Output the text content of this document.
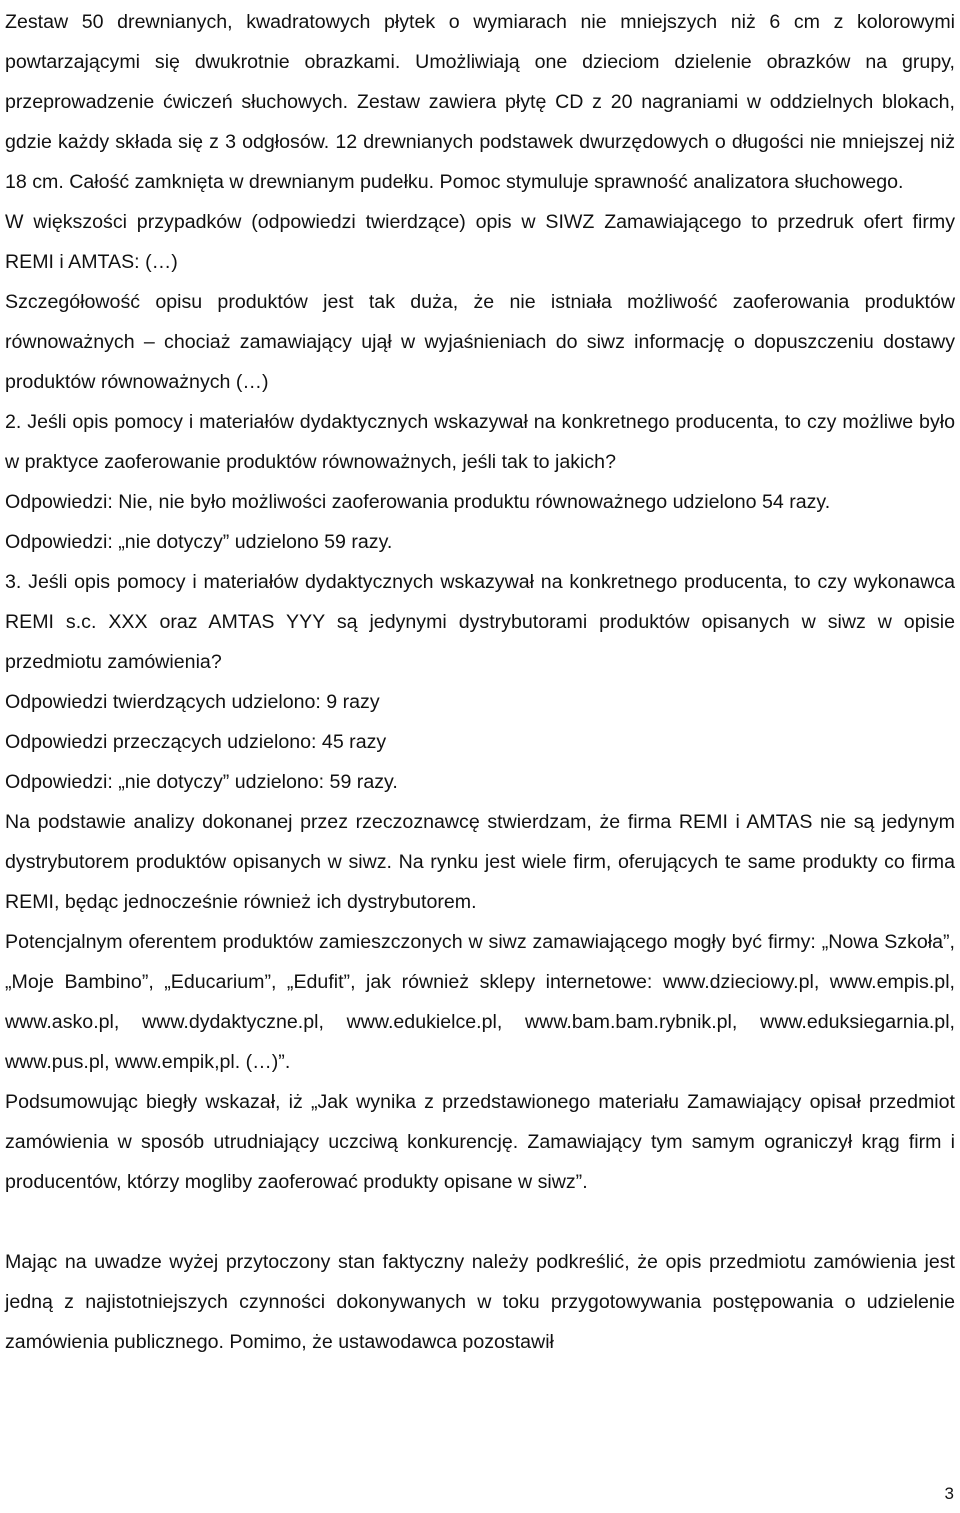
Zestaw 50 drewnianych, kwadratowych płytek o wymiarach nie mniejszych niż 6 cm z kolorowymi powtarzającymi się dwukrotnie obrazkami. Umożliwiają one dzieciom dzielenie obrazków na grupy, przeprowadzenie ćwiczeń słuchowych. Zestaw zawiera płytę CD z 20 nagraniami w oddzielnych blokach, gdzie każdy składa się z 3 odgłosów. 12 drewnianych podstawek dwurzędowych o długości nie mniejszej niż 18 cm. Całość zamknięta w drewnianym pudełku. Pomoc stymuluje sprawność analizatora słuchowego.

W większości przypadków (odpowiedzi twierdzące) opis w SIWZ Zamawiającego to przedruk ofert firmy REMI i AMTAS: (…)

Szczegółowość opisu produktów jest tak duża, że nie istniała możliwość zaoferowania produktów równoważnych – chociaż zamawiający ujął w wyjaśnieniach do siwz informację o dopuszczeniu dostawy produktów równoważnych (…)

2. Jeśli opis pomocy i materiałów dydaktycznych wskazywał na konkretnego producenta, to czy możliwe było w praktyce zaoferowanie produktów równoważnych, jeśli tak to jakich?

Odpowiedzi: Nie, nie było możliwości zaoferowania produktu równoważnego udzielono 54 razy.

Odpowiedzi: „nie dotyczy” udzielono 59 razy.

3. Jeśli opis pomocy i materiałów dydaktycznych wskazywał na konkretnego producenta, to czy wykonawca REMI s.c. XXX oraz AMTAS YYY są jedynymi dystrybutorami produktów opisanych w siwz w opisie przedmiotu zamówienia?

Odpowiedzi twierdzących udzielono: 9 razy

Odpowiedzi przeczących udzielono: 45 razy

Odpowiedzi: „nie dotyczy” udzielono: 59 razy.

Na podstawie analizy dokonanej przez rzeczoznawcę stwierdzam, że firma REMI i AMTAS nie są jedynym dystrybutorem produktów opisanych w siwz. Na rynku jest wiele firm, oferujących te same produkty co firma REMI, będąc jednocześnie również ich dystrybutorem.

Potencjalnym oferentem produktów zamieszczonych w siwz zamawiającego mogły być firmy: „Nowa Szkoła”, „Moje Bambino”, „Educarium”, „Edufit”, jak również sklepy internetowe: www.dzieciowy.pl, www.empis.pl, www.asko.pl, www.dydaktyczne.pl, www.edukielce.pl, www.bam.bam.rybnik.pl, www.eduksiegarnia.pl, www.pus.pl, www.empik,pl. (…)”.

Podsumowując biegły wskazał, iż „Jak wynika z przedstawionego materiału Zamawiający opisał przedmiot zamówienia w sposób utrudniający uczciwą konkurencję. Zamawiający tym samym ograniczył krąg firm i producentów, którzy mogliby zaoferować produkty opisane w siwz”.

Mając na uwadze wyżej przytoczony stan faktyczny należy podkreślić, że opis przedmiotu zamówienia jest jedną z najistotniejszych czynności dokonywanych w toku przygotowywania postępowania o udzielenie zamówienia publicznego. Pomimo, że ustawodawca pozostawił

3
